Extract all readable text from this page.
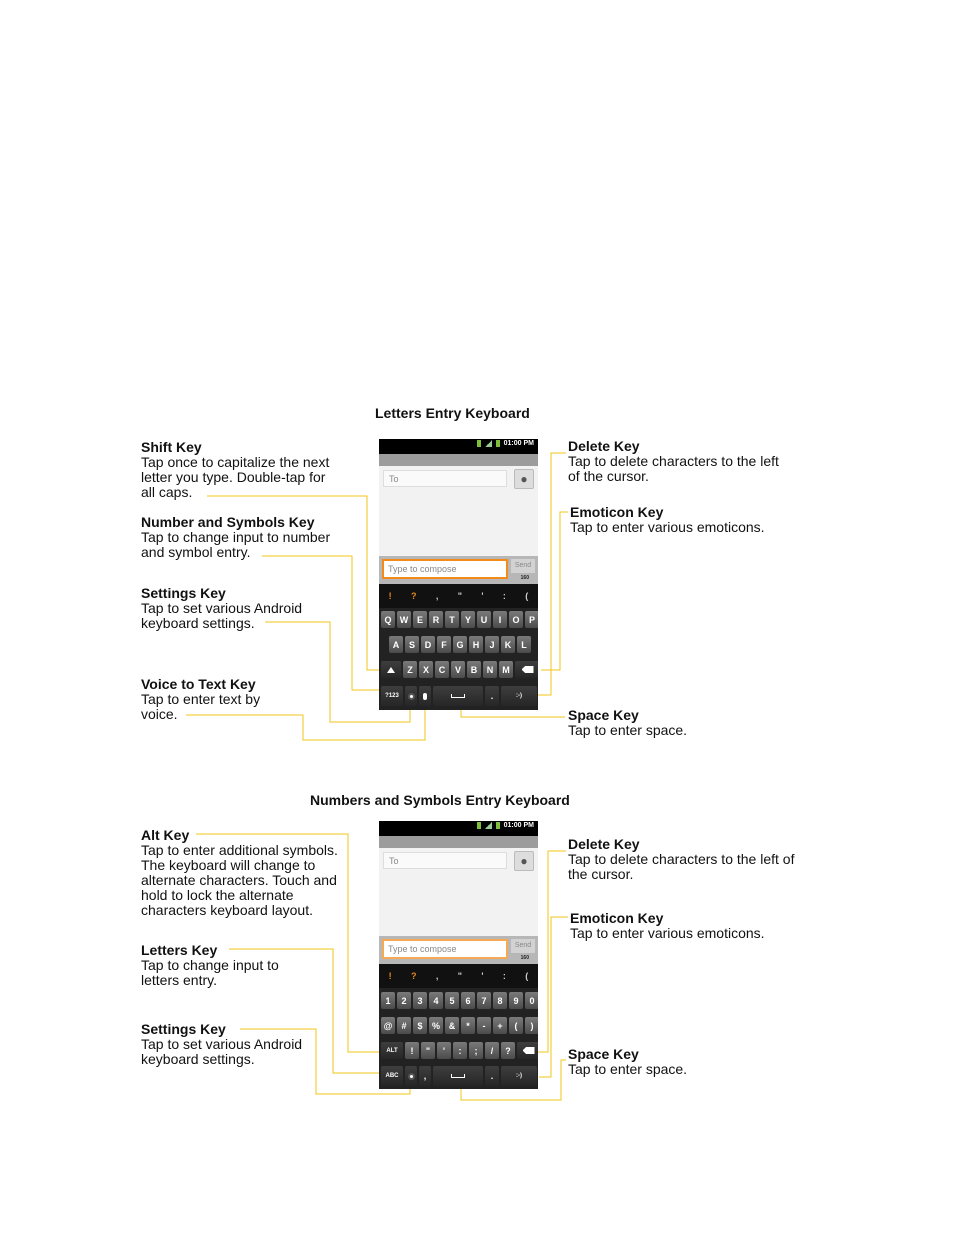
Letters Entry Keyboard
Shift Key
Tap once to capitalize the next
letter you type. Double-tap for
all caps.
Number and Symbols Key
Tap to change input to number
and symbol entry.
Settings Key
Tap to set various Android
keyboard settings.
Voice to Text Key
Tap to enter text by
voice.
Delete Key
Tap to delete characters to the left
of the cursor.
Emoticon Key
Tap to enter various emoticons.
Space Key
Tap to enter space.
01:00 PM
To	●
Type to compose	Send
160
! ? , " ' : (
Q W E	R	T	Y	U	I	O	P
A	S	D	F	G	H	J	K	L
Z	X	C	V	B	N	M
?123	.	:-)
Numbers and Symbols Entry Keyboard
Alt Key
Tap to enter additional symbols.
The keyboard will change to
alternate characters. Touch and
hold to lock the alternate
characters keyboard layout.
Letters Key
Tap to change input to
letters entry.
Settings Key
Tap to set various Android
keyboard settings.
Delete Key
Tap to delete characters to the left of
the cursor.
Emoticon Key
Tap to enter various emoticons.
Space Key
Tap to enter space.
01:00 PM
To	●
Type to compose	Send
160
! ? , " ' : (
1	2	3	4	5	6	7	8	9	0
@	#	$	% &	*	-	+	(	)
ALT	!	"	'	:	;	/	?
ABC	,	.	:-)
